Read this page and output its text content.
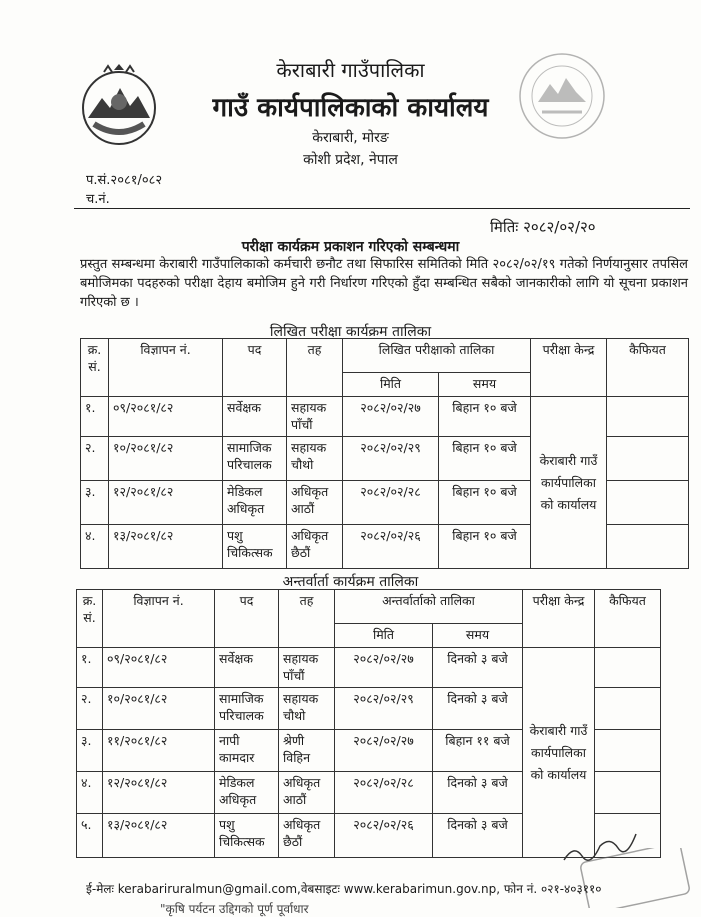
केराबारी गाउँपालिका
गाउँ कार्यपालिकाको कार्यालय
केराबारी, मोरङ
कोशी प्रदेश, नेपाल
प.सं.२०८१/०८२
च.नं.
मितिः २०८२/०२/२०
परीक्षा कार्यक्रम प्रकाशन गरिएको सम्बन्धमा
प्रस्तुत सम्बन्धमा केराबारी गाउँपालिकाको कर्मचारी छनौट तथा सिफारिस समितिको मिति २०८२/०२/१९ गतेको निर्णयानुसार तपसिल बमोजिमका पदहरुको परीक्षा देहाय बमोजिम हुने गरी निर्धारण गरिएको हुँदा सम्बन्धित सबैको जानकारीको लागि यो सूचना प्रकाशन गरिएको छ ।
लिखित परीक्षा कार्यक्रम तालिका
क्र. सं.	विज्ञापन नं.	पद	तह	लिखित परीक्षाको तालिका		परीक्षा केन्द्र	कैफियत
				मिति	समय		
१.	०९/२०८१/८२	सर्वेक्षक	सहायक पाँचौं	२०८२/०२/२७	बिहान १० बजे	केराबारी गाउँ कार्यपालिका को कार्यालय	
२.	१०/२०८१/८२	सामाजिक परिचालक	सहायक चौथो	२०८२/०२/२९	बिहान १० बजे		
३.	१२/२०८१/८२	मेडिकल अधिकृत	अधिकृत आठौं	२०८२/०२/२८	बिहान १० बजे		
४.	१३/२०८१/८२	पशु चिकित्सक	अधिकृत छैठौं	२०८२/०२/२६	बिहान १० बजे		
अन्तर्वार्ता कार्यक्रम तालिका
क्र. सं.	विज्ञापन नं.	पद	तह	अन्तर्वार्ताको तालिका		परीक्षा केन्द्र	कैफियत
				मिति	समय		
१.	०९/२०८१/८२	सर्वेक्षक	सहायक पाँचौं	२०८२/०२/२७	दिनको ३ बजे	केराबारी गाउँ कार्यपालिका को कार्यालय	
२.	१०/२०८१/८२	सामाजिक परिचालक	सहायक चौथो	२०८२/०२/२९	दिनको ३ बजे		
३.	११/२०८१/८२	नापी कामदार	श्रेणी विहिन	२०८२/०२/२७	बिहान ११ बजे		
४.	१२/२०८१/८२	मेडिकल अधिकृत	अधिकृत आठौं	२०८२/०२/२८	दिनको ३ बजे		
५.	१३/२०८१/८२	पशु चिकित्सक	अधिकृत छैठौं	२०८२/०२/२६	दिनको ३ बजे		
ई-मेलः kerabariruralmun@gmail.com,वेबसाइटः www.kerabarimun.gov.np, फोन नं. ०२१-४०३११०
"कृषि पर्यटन उद्दिगको पूर्ण पूर्वाधार
